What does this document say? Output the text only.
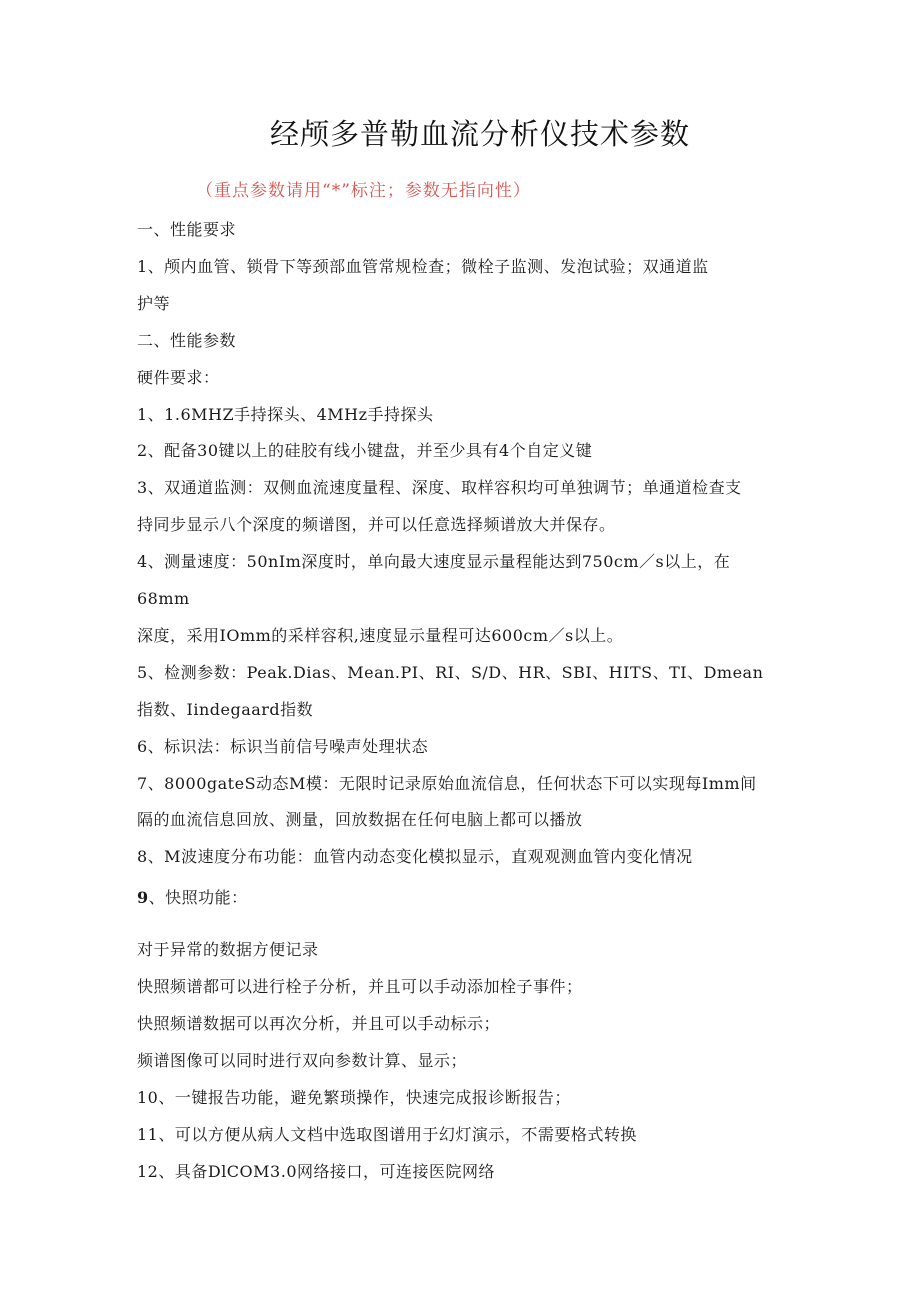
经颅多普勒血流分析仪技术参数
（重点参数请用“*”标注；参数无指向性）
一、性能要求
1、颅内血管、锁骨下等颈部血管常规检查；微栓子监测、发泡试验；双通道监
护等
二、性能参数
硬件要求：
1、1.6MHZ手持探头、4MHz手持探头
2、配备30键以上的硅胶有线小键盘，并至少具有4个自定义键
3、双通道监测：双侧血流速度量程、深度、取样容积均可单独调节；单通道检查支
持同步显示八个深度的频谱图，并可以任意选择频谱放大并保存。
4、测量速度：50nIm深度时，单向最大速度显示量程能达到750cm／s以上，在
68mm
深度，采用IOmm的采样容积,速度显示量程可达600cm／s以上。
5、检测参数：Peak.Dias、Mean.PI、RI、S/D、HR、SBI、HITS、TI、Dmean
指数、Iindegaard指数
6、标识法：标识当前信号噪声处理状态
7、8000gateS动态M模：无限时记录原始血流信息，任何状态下可以实现每Imm间
隔的血流信息回放、测量，回放数据在任何电脑上都可以播放
8、M波速度分布功能：血管内动态变化模拟显示，直观观测血管内变化情况
9、快照功能：
对于异常的数据方便记录
快照频谱都可以进行栓子分析，并且可以手动添加栓子事件；
快照频谱数据可以再次分析，并且可以手动标示；
频谱图像可以同时进行双向参数计算、显示；
10、一键报告功能，避免繁琐操作，快速完成报诊断报告；
11、可以方便从病人文档中选取图谱用于幻灯演示，不需要格式转换
12、具备DlCOM3.0网络接口，可连接医院网络
